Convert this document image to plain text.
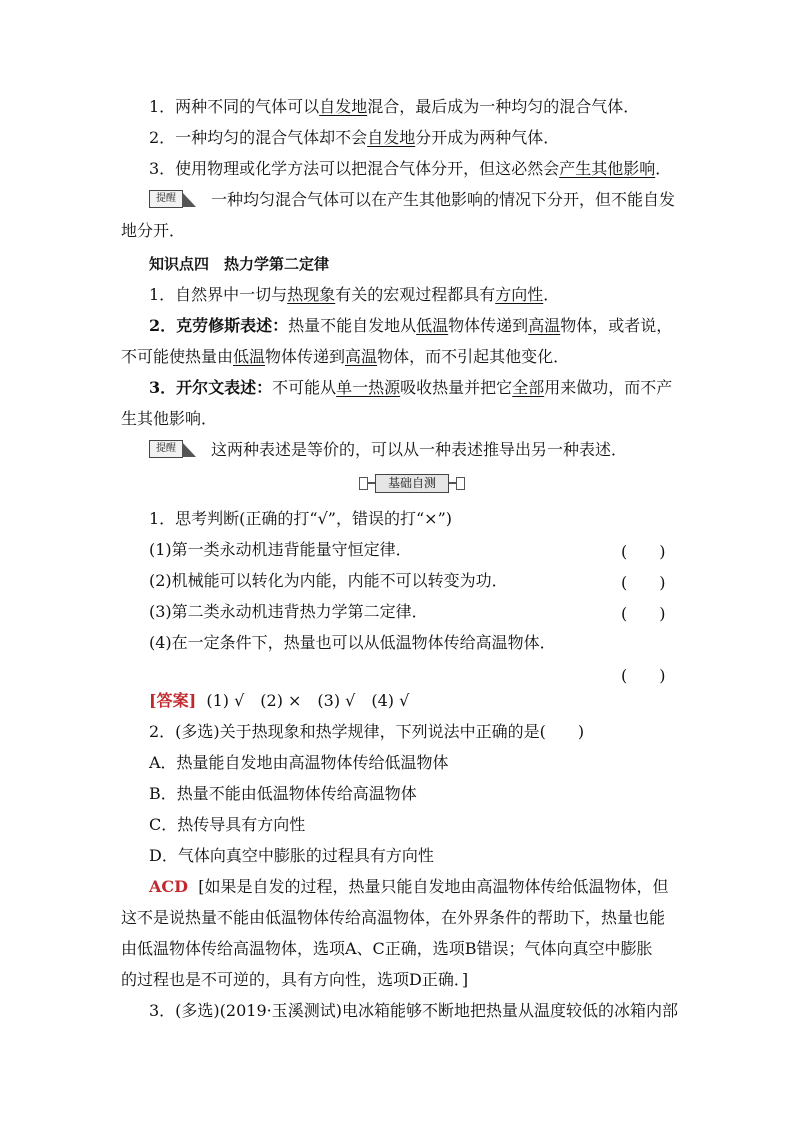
1．两种不同的气体可以自发地混合，最后成为一种均匀的混合气体．
2．一种均匀的混合气体却不会自发地分开成为两种气体．
3．使用物理或化学方法可以把混合气体分开，但这必然会产生其他影响．
提醒	一种均匀混合气体可以在产生其他影响的情况下分开，但不能自发
地分开．
知识点四　热力学第二定律
1．自然界中一切与热现象有关的宏观过程都具有方向性．
2．克劳修斯表述：热量不能自发地从低温物体传递到高温物体，或者说，
不可能使热量由低温物体传递到高温物体，而不引起其他变化．
3．开尔文表述：不可能从单一热源吸收热量并把它全部用来做功，而不产
生其他影响．
提醒	这两种表述是等价的，可以从一种表述推导出另一种表述．
基础自测
1．思考判断(正确的打“√”，错误的打“×”)
(1)第一类永动机违背能量守恒定律．	(　　)
(2)机械能可以转化为内能，内能不可以转变为功．	(　　)
(3)第二类永动机违背热力学第二定律．	(　　)
(4)在一定条件下，热量也可以从低温物体传给高温物体．
(　　)
[答案] (1) √　(2) ×　(3) √　(4) √
2．(多选)关于热现象和热学规律，下列说法中正确的是(　　)
A．热量能自发地由高温物体传给低温物体
B．热量不能由低温物体传给高温物体
C．热传导具有方向性
D．气体向真空中膨胀的过程具有方向性
ACD [如果是自发的过程，热量只能自发地由高温物体传给低温物体，但
这不是说热量不能由低温物体传给高温物体，在外界条件的帮助下，热量也能
由低温物体传给高温物体，选项A、C正确，选项B错误；气体向真空中膨胀
的过程也是不可逆的，具有方向性，选项D正确．]
3．(多选)(2019·玉溪测试)电冰箱能够不断地把热量从温度较低的冰箱内部
